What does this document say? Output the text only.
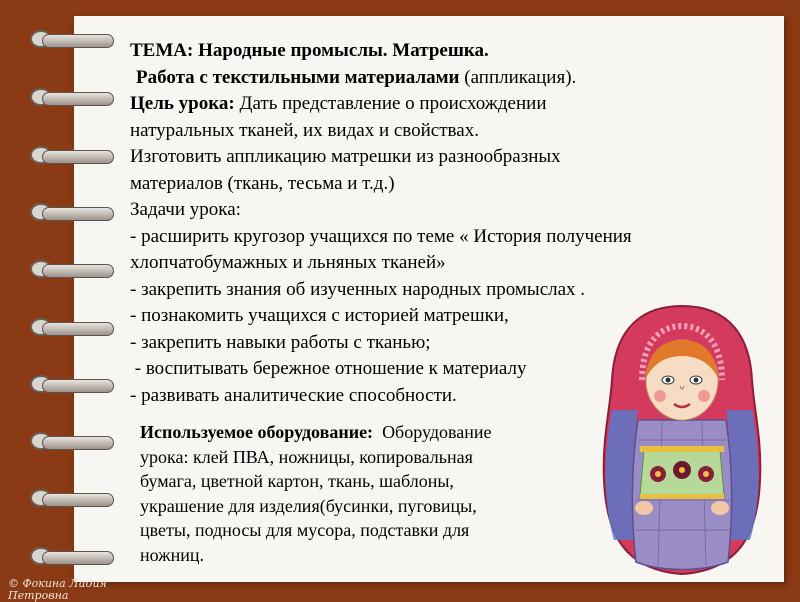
ТЕМА: Народные промыслы. Матрешка.

Работа с текстильными материалами (аппликация).

Цель урока: Дать представление о происхождении

натуральных тканей, их видах и свойствах.

Изготовить аппликацию матрешки из разнообразных

материалов (ткань, тесьма и т.д.)

Задачи урока:

- расширить кругозор учащихся по теме « История получения

хлопчатобумажных и льняных тканей»

- закрепить знания об изученных народных промыслах .

- познакомить учащихся с историей матрешки,

- закрепить навыки работы с тканью;

- воспитывать бережное отношение к материалу

- развивать аналитические способности.

Используемое оборудование:  Оборудование
урока: клей ПВА, ножницы, копировальная
бумага, цветной картон, ткань, шаблоны,
украшение для изделия(бусинки, пуговицы,
цветы, подносы для мусора, подставки для
ножниц.
© Фокина Лидия
Петровна
